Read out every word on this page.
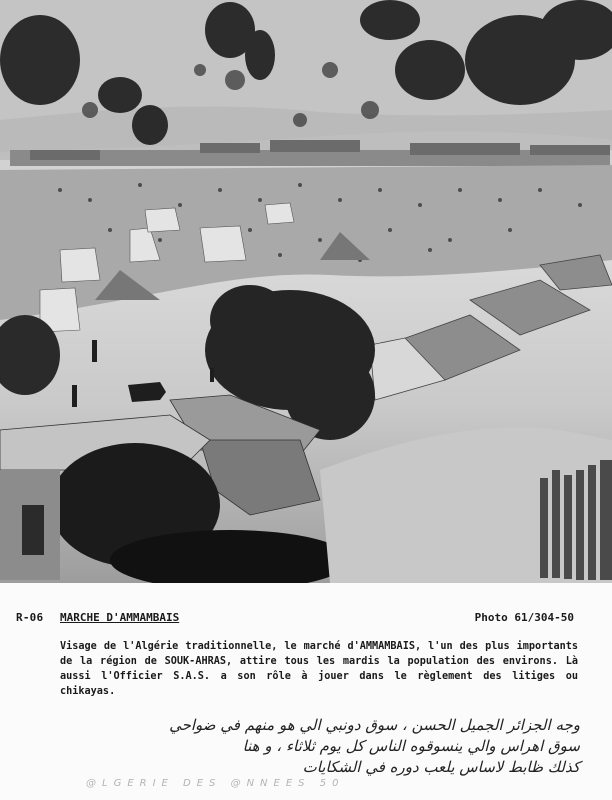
R-06 MARCHE D'AMMAMBAIS	Photo 61/304-50

Visage de l'Algérie traditionnelle, le marché d'AMMAMBAIS, l'un des plus importants de la région de SOUK-AHRAS, attire tous les mardis la population des environs. Là aussi l'Officier S.A.S. a son rôle à jouer dans le règlement des litiges ou chikayas.

وجه الجزائر الجميل الحسن ، سوق دونبي الي هو منهم في ضواحي
سوق اهراس والي ينسوقوه الناس كل يوم ثلاثاء ، و هنا
كذلك ظابط لاساس يلعب دوره في الشكايات
@LGERIE DES @NNEES 50
